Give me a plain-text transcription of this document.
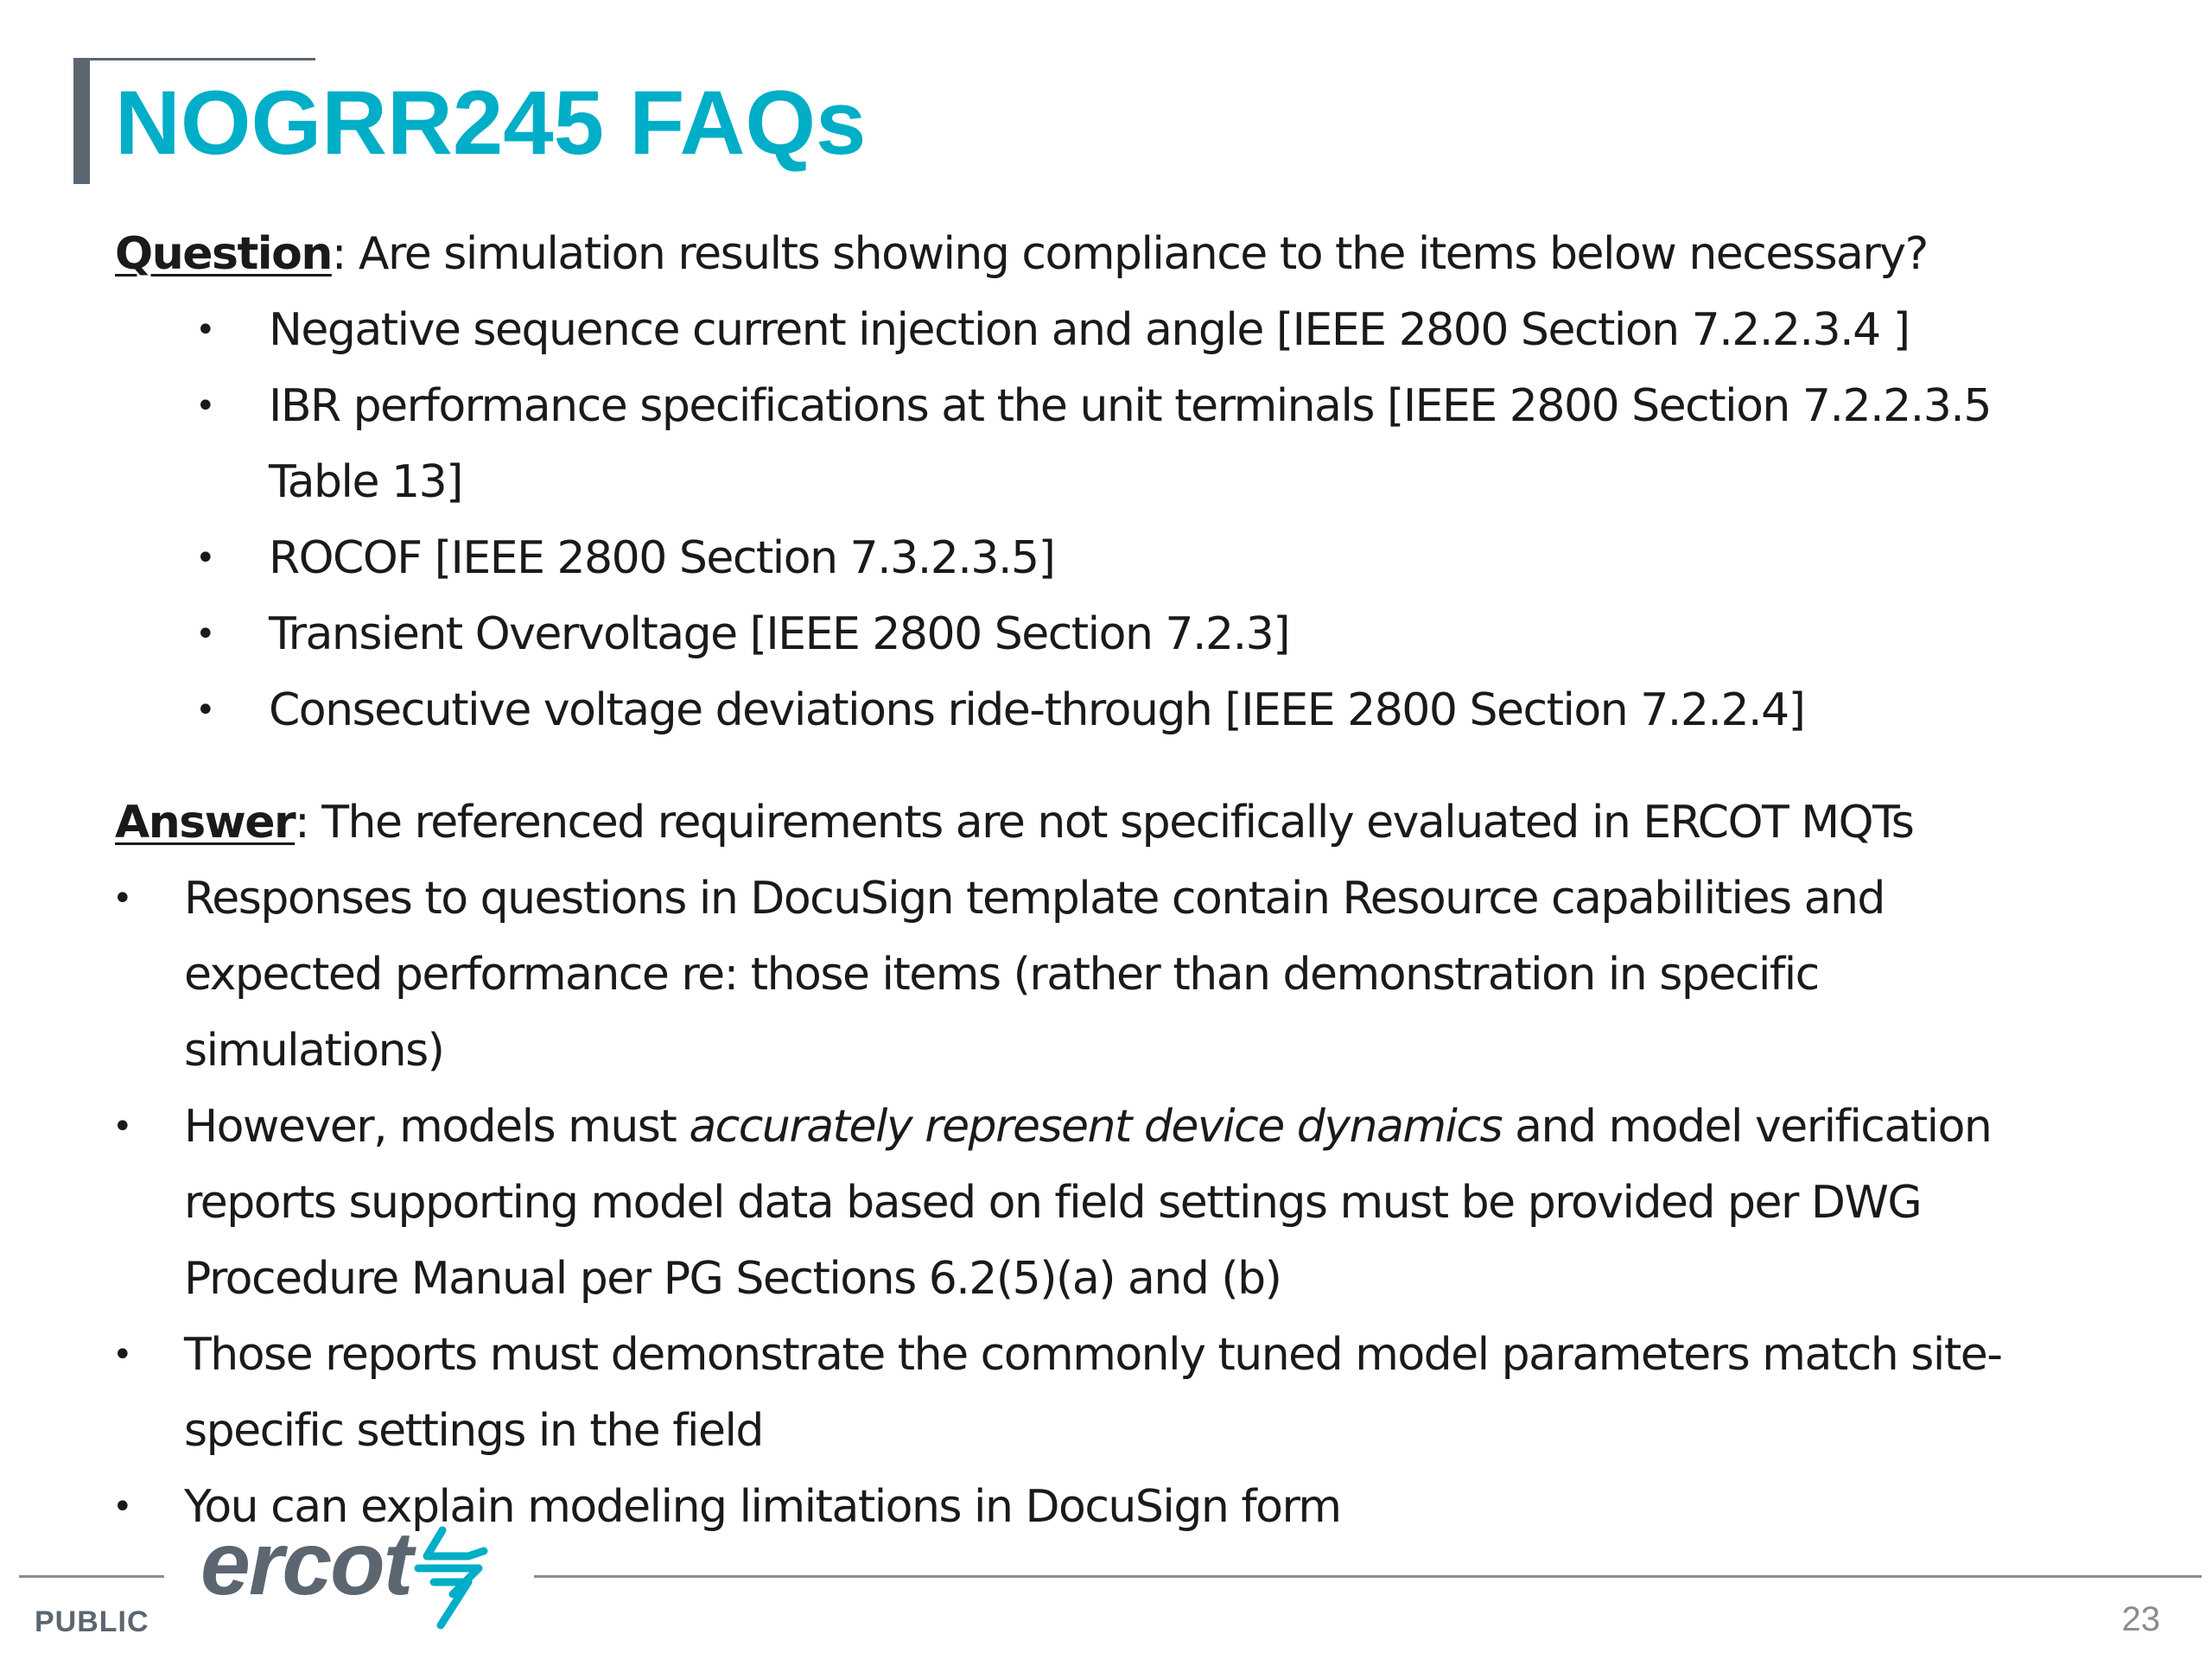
NOGRR245 FAQs

Question: Are simulation results showing compliance to the items below necessary?

• Negative sequence current injection and angle [IEEE 2800 Section 7.2.2.3.4 ]
• IBR performance specifications at the unit terminals [IEEE 2800 Section 7.2.2.3.5
Table 13]
• ROCOF [IEEE 2800 Section 7.3.2.3.5]
• Transient Overvoltage [IEEE 2800 Section 7.2.3]
• Consecutive voltage deviations ride-through [IEEE 2800 Section 7.2.2.4]

Answer: The referenced requirements are not specifically evaluated in ERCOT MQTs

• Responses to questions in DocuSign template contain Resource capabilities and
expected performance re: those items (rather than demonstration in specific
simulations)
• However, models must accurately represent device dynamics and model verification
reports supporting model data based on field settings must be provided per DWG
Procedure Manual per PG Sections 6.2(5)(a) and (b)
• Those reports must demonstrate the commonly tuned model parameters match site-
specific settings in the field
• You can explain modeling limitations in DocuSign form
ercot
PUBLIC	23
